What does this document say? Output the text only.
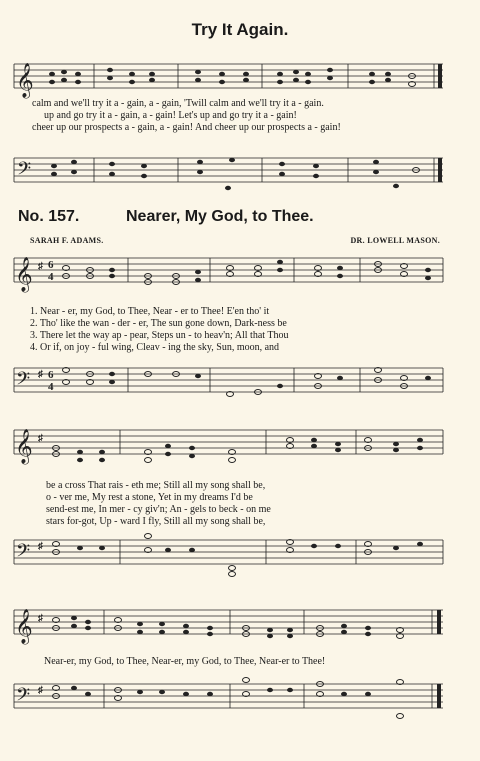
Try It Again.
𝄞
calm and we'll try it a - gain, a - gain, 'Twill calm and we'll try it a - gain.
up and go try it a - gain, a - gain! Let's up and go try it a - gain!
cheer up our prospects a - gain, a - gain! And cheer up our prospects a - gain!
𝄢
No. 157.	Nearer, My God, to Thee.
SARAH F. ADAMS.	DR. LOWELL MASON.
𝄞 ♯ 6
4
1. Near - er, my God, to Thee, Near - er to Thee! E'en tho' it
2. Tho' like the wan - der - er, The sun gone down, Dark-ness be
3. There let the way ap - pear, Steps un - to heav'n; All that Thou
4. Or if, on joy - ful wing, Cleav - ing the sky, Sun, moon, and
𝄢 ♯ 6
4
𝄞 ♯
be a cross That rais - eth me; Still all my song shall be,
o - ver me, My rest a stone, Yet in my dreams I'd be
send-est me, In mer - cy giv'n; An - gels to beck - on me
stars for-got, Up - ward I fly, Still all my song shall be,
𝄢 ♯
𝄞 ♯
Near-er, my God, to Thee, Near-er, my God, to Thee, Near-er to Thee!
𝄢 ♯
